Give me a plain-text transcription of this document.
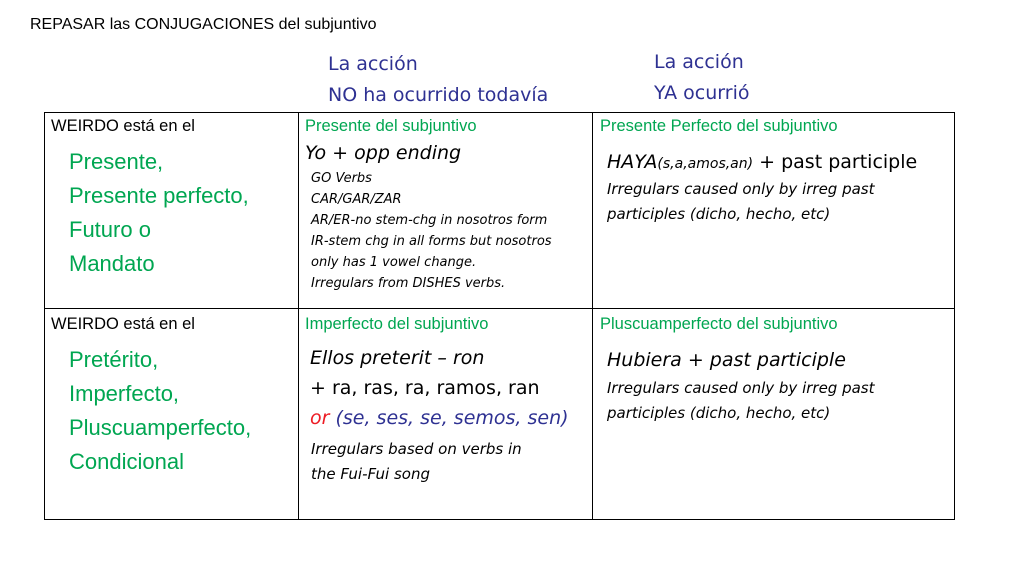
REPASAR las CONJUGACIONES del subjuntivo
La acción
NO ha ocurrido todavía
La acción
YA ocurrió
WEIRDO está en el
Presente,
Presente perfecto,
Futuro o
Mandato
Presente del subjuntivo
Yo + opp ending
GO Verbs
CAR/GAR/ZAR
AR/ER-no stem-chg in nosotros form
IR-stem chg in all forms but nosotros
only has 1 vowel change.
Irregulars from DISHES verbs.
Presente Perfecto del subjuntivo
HAYA(s,a,amos,an) + past participle
Irregulars caused only by irreg past
participles (dicho, hecho, etc)
WEIRDO está en el
Pretérito,
Imperfecto,
Pluscuamperfecto,
Condicional
Imperfecto del subjuntivo
Ellos preterit – ron
+ ra, ras, ra, ramos, ran
or (se, ses, se, semos, sen)
Irregulars based on verbs in
the Fui-Fui song
Pluscuamperfecto del subjuntivo
Hubiera + past participle
Irregulars caused only by irreg past
participles (dicho, hecho, etc)
